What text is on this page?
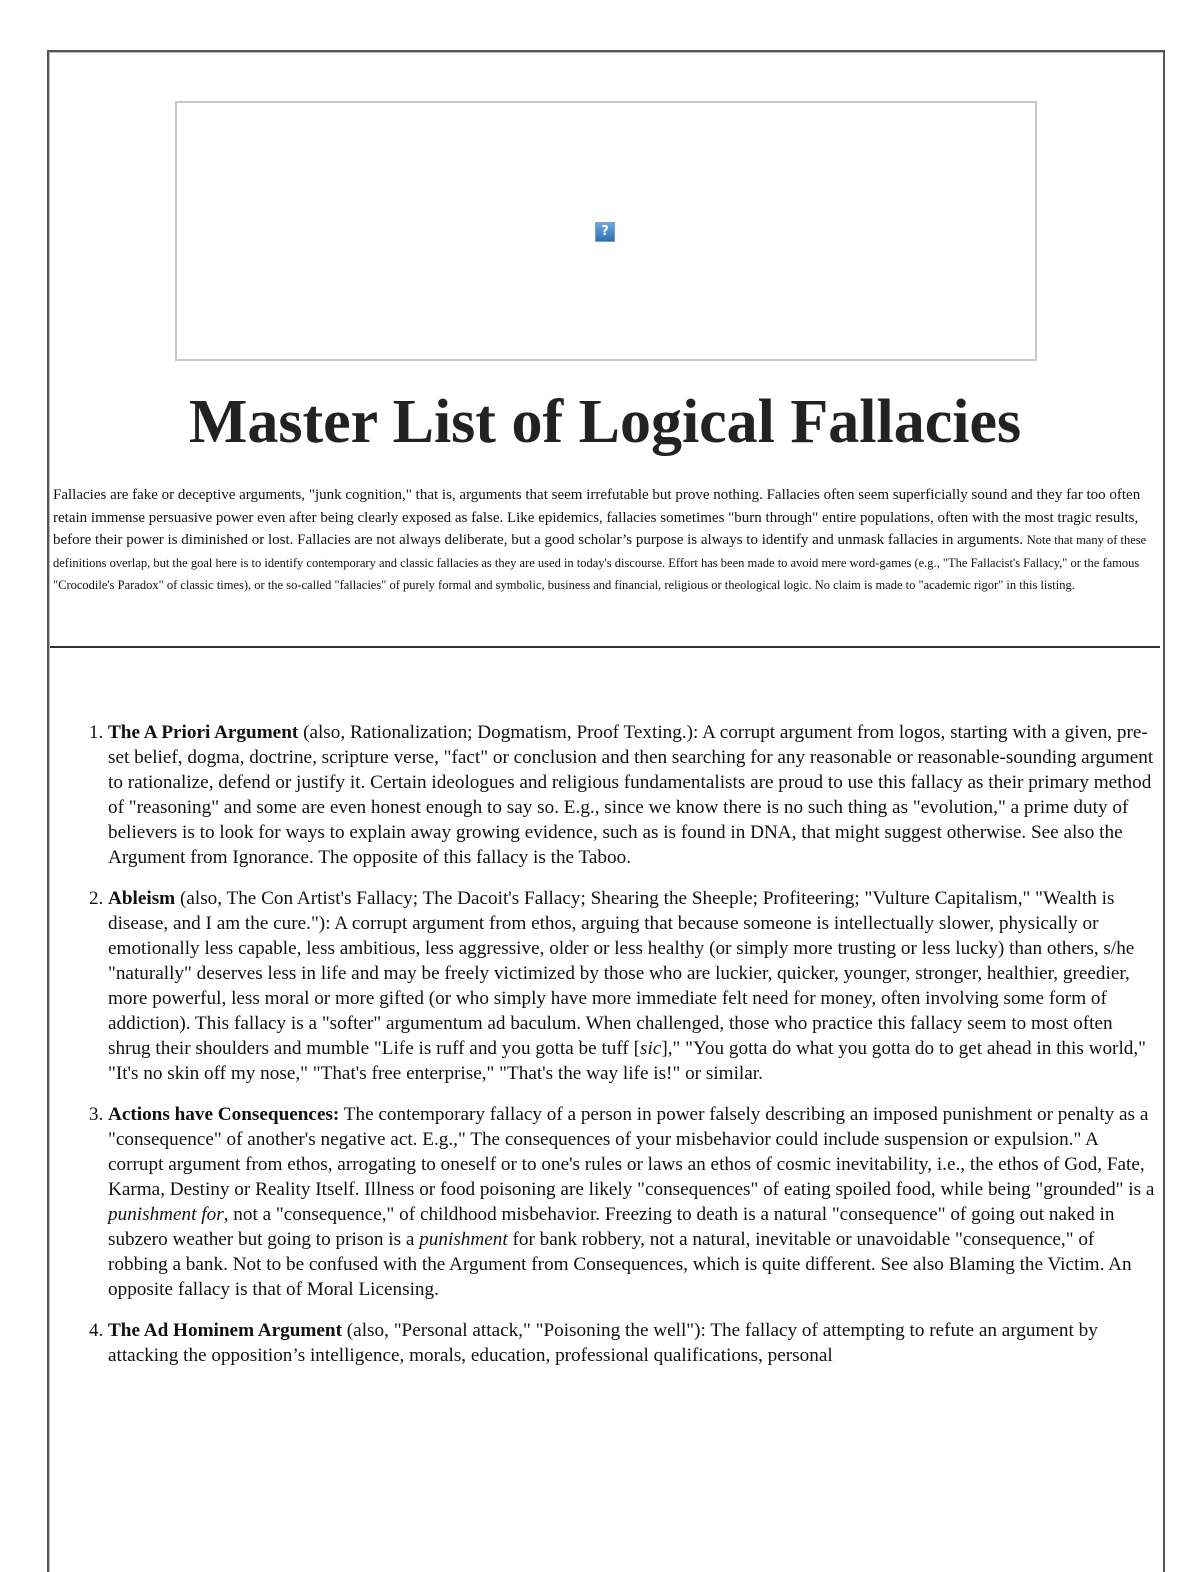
?
Master List of Logical Fallacies
Fallacies are fake or deceptive arguments, "junk cognition," that is, arguments that seem irrefutable but prove nothing. Fallacies often seem superficially sound and they far too often retain immense persuasive power even after being clearly exposed as false. Like epidemics, fallacies sometimes "burn through" entire populations, often with the most tragic results, before their power is diminished or lost. Fallacies are not always deliberate, but a good scholar’s purpose is always to identify and unmask fallacies in arguments. Note that many of these definitions overlap, but the goal here is to identify contemporary and classic fallacies as they are used in today's discourse. Effort has been made to avoid mere word-games (e.g., "The Fallacist's Fallacy," or the famous "Crocodile's Paradox" of classic times), or the so-called "fallacies" of purely formal and symbolic, business and financial, religious or theological logic. No claim is made to "academic rigor" in this listing.
1. The A Priori Argument (also, Rationalization; Dogmatism, Proof Texting.): A corrupt argument from logos, starting with a given, pre-set belief, dogma, doctrine, scripture verse, "fact" or conclusion and then searching for any reasonable or reasonable-sounding argument to rationalize, defend or justify it. Certain ideologues and religious fundamentalists are proud to use this fallacy as their primary method of "reasoning" and some are even honest enough to say so. E.g., since we know there is no such thing as "evolution," a prime duty of believers is to look for ways to explain away growing evidence, such as is found in DNA, that might suggest otherwise. See also the Argument from Ignorance. The opposite of this fallacy is the Taboo.
2. Ableism (also, The Con Artist's Fallacy; The Dacoit's Fallacy; Shearing the Sheeple; Profiteering; "Vulture Capitalism," "Wealth is disease, and I am the cure."): A corrupt argument from ethos, arguing that because someone is intellectually slower, physically or emotionally less capable, less ambitious, less aggressive, older or less healthy (or simply more trusting or less lucky) than others, s/he "naturally" deserves less in life and may be freely victimized by those who are luckier, quicker, younger, stronger, healthier, greedier, more powerful, less moral or more gifted (or who simply have more immediate felt need for money, often involving some form of addiction). This fallacy is a "softer" argumentum ad baculum. When challenged, those who practice this fallacy seem to most often shrug their shoulders and mumble "Life is ruff and you gotta be tuff [sic]," "You gotta do what you gotta do to get ahead in this world," "It's no skin off my nose," "That's free enterprise," "That's the way life is!" or similar.
3. Actions have Consequences: The contemporary fallacy of a person in power falsely describing an imposed punishment or penalty as a "consequence" of another's negative act. E.g.," The consequences of your misbehavior could include suspension or expulsion." A corrupt argument from ethos, arrogating to oneself or to one's rules or laws an ethos of cosmic inevitability, i.e., the ethos of God, Fate, Karma, Destiny or Reality Itself. Illness or food poisoning are likely "consequences" of eating spoiled food, while being "grounded" is a punishment for, not a "consequence," of childhood misbehavior. Freezing to death is a natural "consequence" of going out naked in subzero weather but going to prison is a punishment for bank robbery, not a natural, inevitable or unavoidable "consequence," of robbing a bank. Not to be confused with the Argument from Consequences, which is quite different. See also Blaming the Victim. An opposite fallacy is that of Moral Licensing.
4. The Ad Hominem Argument (also, "Personal attack," "Poisoning the well"): The fallacy of attempting to refute an argument by attacking the opposition’s intelligence, morals, education, professional qualifications, personal
